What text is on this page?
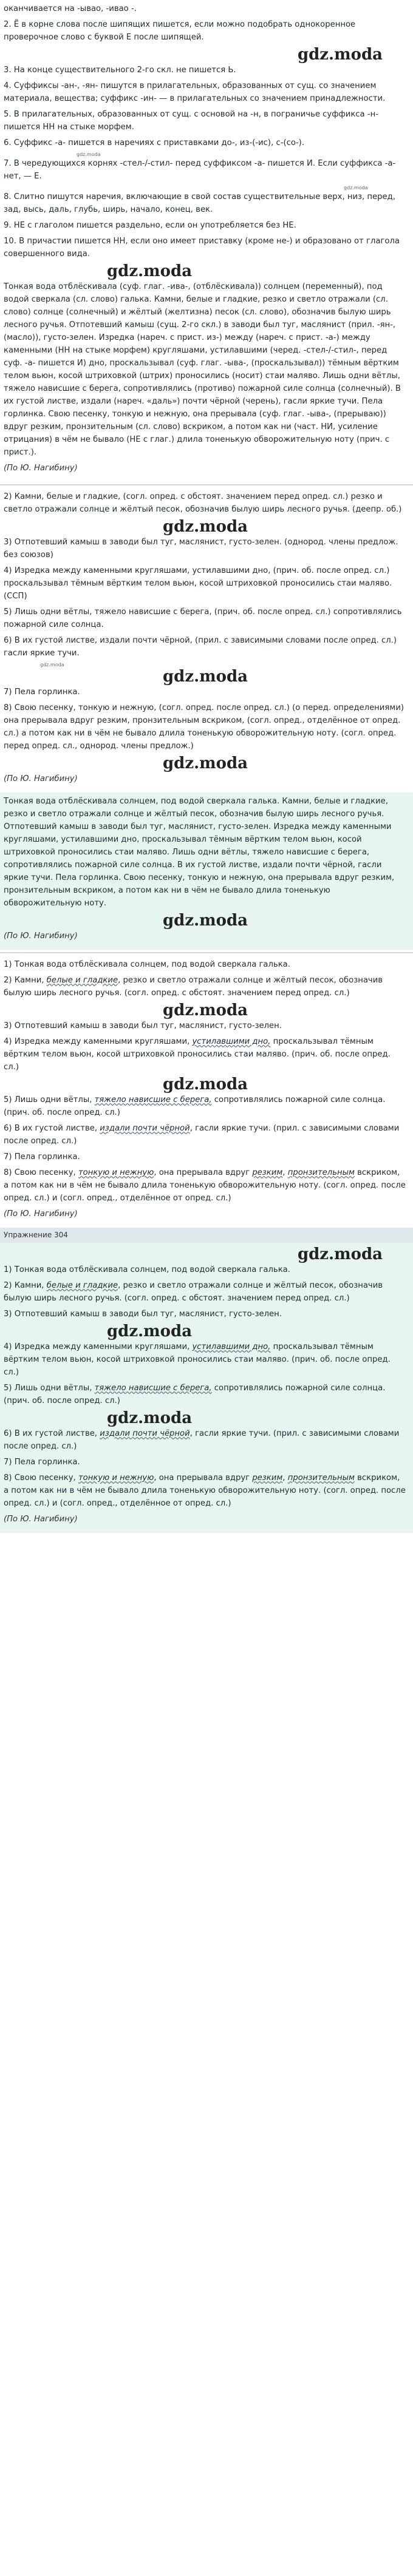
оканчивается на -ывао, -ивао -.

2. Ё в корне слова после шипящих пишется, если можно подобрать однокоренное проверочное слово с буквой Е после шипящей.

gdz.moda

3. На конце существительного 2-го скл. не пишется Ь.

4. Суффиксы -ан-, -ян- пишутся в прилагательных, образованных от сущ. со значением материала, вещества; суффикс -ин- — в прилагательных со значением принадлежности.

5. В прилагательных, образованных от сущ. с основой на -н, в пограничье суффикса -н- пишется НН на стыке морфем.

6. Суффикс -а- пишется в наречиях с приставками до-, из-(-ис), с-(со-).

gdz.moda

7. В чередующихся корнях -стел-/-стил- перед суффиксом -а- пишется И. Если суффикса -а- нет, — Е.

gdz.moda

8. Слитно пишутся наречия, включающие в свой состав существительные верх, низ, перед, зад, высь, даль, глубь, ширь, начало, конец, век.

9. НЕ с глаголом пишется раздельно, если он употребляется без НЕ.

10. В причастии пишется НН, если оно имеет приставку (кроме не-) и образовано от глагола совершенного вида.

gdz.moda

Тонкая вода отблёскивала (суф. глаг. -ива-, (отблёскивала)) солнцем (переменный), под водой сверкала (сл. слово) галька. Камни, белые и гладкие, резко и светло отражали (сл. слово) солнце (солнечный) и жёлтый (желтизна) песок (сл. слово), обозначив былую ширь лесного ручья. Отпотевший камыш (сущ. 2-го скл.) в заводи был туг, маслянист (прил. -ян-, (масло)), густо-зелен. Изредка (нареч. с прист. из-) между (нареч. с прист. -а-) между каменными (НН на стыке морфем) кругляшами, устилавшими (черед. -стел-/-стил-, перед суф. -а- пишется И) дно, проскальзывал (суф. глаг. -ыва-, (проскальзывал)) тёмным вёртким телом вьюн, косой штриховкой (штрих) проносились (носит) стаи маляво. Лишь одни вётлы, тяжело нависшие с берега, сопротивлялись (противо) пожарной силе солнца (солнечный). В их густой листве, издали (нареч. «даль») почти чёрной (черень), гасли яркие тучи. Пела горлинка. Свою песенку, тонкую и нежную, она прерывала (суф. глаг. -ыва-, (прерываю)) вдруг резким, пронзительным (сл. слово) вскриком, а потом как ни (част. НИ, усиление отрицания) в чём не бывало (НЕ с глаг.) длила тоненькую обворожительную ноту (прич. с прист.).

(По Ю. Нагибину)

2) Камни, белые и гладкие, (согл. опред. с обстоят. значением перед опред. сл.) резко и светло отражали солнце и жёлтый песок, обозначив былую ширь лесного ручья. (деепр. об.)

gdz.moda

3) Отпотевший камыш в заводи был туг, маслянист, густо-зелен. (однород. члены предлож. без союзов)

4) Изредка между каменными кругляшами, устилавшими дно, (прич. об. после опред. сл.) проскальзывал тёмным вёртким телом вьюн, косой штриховкой проносились стаи маляво. (ССП)

5) Лишь одни вётлы, тяжело нависшие с берега, (прич. об. после опред. сл.) сопротивлялись пожарной силе солнца.

6) В их густой листве, издали почти чёрной, (прил. с зависимыми словами после опред. сл.) гасли яркие тучи.

gdz.moda
gdz.moda

7) Пела горлинка.

8) Свою песенку, тонкую и нежную, (согл. опред. после опред. сл.) (о перед. определениями) она прерывала вдруг резким, пронзительным вскриком, (согл. опред., отделённое от опред. сл.) а потом как ни в чём не бывало длила тоненькую обворожительную ноту. (согл. опред. перед опред. сл., однород. члены предлож.)

gdz.moda
(По Ю. Нагибину)

Тонкая вода отблёскивала солнцем, под водой сверкала галька. Камни, белые и гладкие, резко и светло отражали солнце и жёлтый песок, обозначив былую ширь лесного ручья. Отпотевший камыш в заводи был туг, маслянист, густо-зелен. Изредка между каменными кругляшами, устилавшими дно, проскальзывал тёмным вёртким телом вьюн, косой штриховкой проносились стаи маляво. Лишь одни вётлы, тяжело нависшие с берега, сопротивлялись пожарной силе солнца. В их густой листве, издали почти чёрной, гасли яркие тучи. Пела горлинка. Свою песенку, тонкую и нежную, она прерывала вдруг резким, пронзительным вскриком, а потом как ни в чём не бывало длила тоненькую обворожительную ноту.

gdz.moda
(По Ю. Нагибину)

1) Тонкая вода отблёскивала солнцем, под водой сверкала галька.

2) Камни, белые и гладкие, резко и светло отражали солнце и жёлтый песок, обозначив былую ширь лесного ручья. (согл. опред. с обстоят. значением перед опред. сл.)

gdz.moda

3) Отпотевший камыш в заводи был туг, маслянист, густо-зелен.

4) Изредка между каменными кругляшами, устилавшими дно, проскальзывал тёмным вёртким телом вьюн, косой штриховкой проносились стаи маляво. (прич. об. после опред. сл.)

gdz.moda

5) Лишь одни вётлы, тяжело нависшие с берега, сопротивлялись пожарной силе солнца. (прич. об. после опред. сл.)

6) В их густой листве, издали почти чёрной, гасли яркие тучи. (прил. с зависимыми словами после опред. сл.)

7) Пела горлинка.

8) Свою песенку, тонкую и нежную, она прерывала вдруг резким, пронзительным вскриком, а потом как ни в чём не бывало длила тоненькую обворожительную ноту. (согл. опред. после опред. сл.) и (согл. опред., отделённое от опред. сл.)

(По Ю. Нагибину)
Упражнение 304
gdz.moda

1) Тонкая вода отблёскивала солнцем, под водой сверкала галька.

2) Камни, белые и гладкие, резко и светло отражали солнце и жёлтый песок, обозначив былую ширь лесного ручья. (согл. опред. с обстоят. значением перед опред. сл.)

3) Отпотевший камыш в заводи был туг, маслянист, густо-зелен.

gdz.moda

4) Изредка между каменными кругляшами, устилавшими дно, проскальзывал тёмным вёртким телом вьюн, косой штриховкой проносились стаи маляво. (прич. об. после опред. сл.)

5) Лишь одни вётлы, тяжело нависшие с берега, сопротивлялись пожарной силе солнца. (прич. об. после опред. сл.)

gdz.moda

6) В их густой листве, издали почти чёрной, гасли яркие тучи. (прил. с зависимыми словами после опред. сл.)

7) Пела горлинка.

8) Свою песенку, тонкую и нежную, она прерывала вдруг резким, пронзительным вскриком, а потом как ни в чём не бывало длила тоненькую обворожительную ноту. (согл. опред. после опред. сл.) и (согл. опред., отделённое от опред. сл.)

(По Ю. Нагибину)
